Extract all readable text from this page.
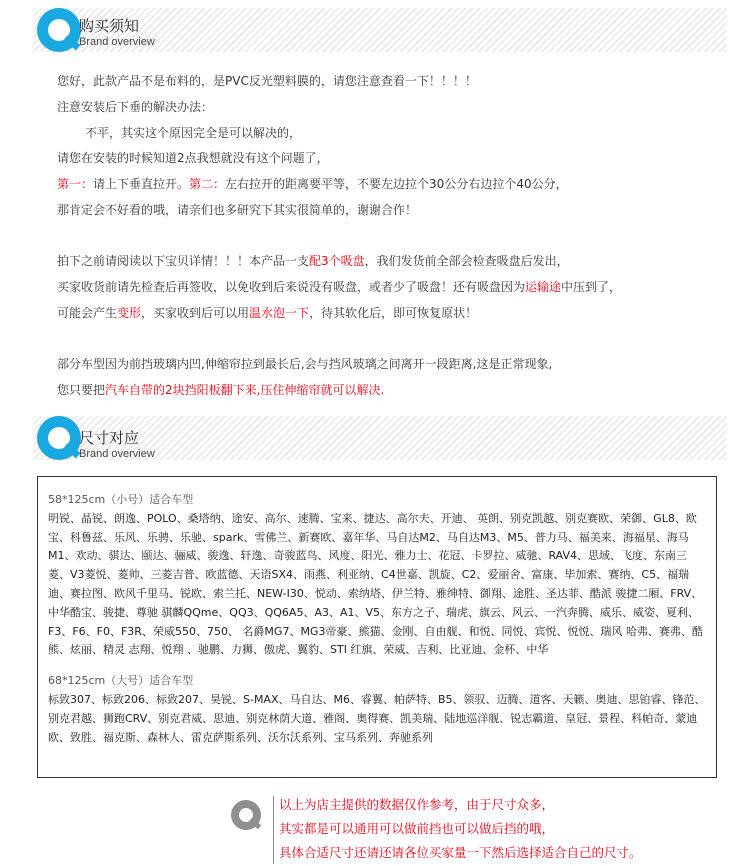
购买须知
Brand overview

您好，此款产品不是布料的，是PVC反光塑料膜的，请您注意查看一下！！！！

注意安装后下垂的解决办法：

不平，其实这个原因完全是可以解决的，

请您在安装的时候知道2点我想就没有这个问题了，

第一：请上下垂直拉开。第二：左右拉开的距离要平等，不要左边拉个30公分右边拉个40公分，

那肯定会不好看的哦，请亲们也多研究下其实很简单的，谢谢合作！

拍下之前请阅读以下宝贝详情！！！本产品一支配3个吸盘，我们发货前全部会检查吸盘后发出，

买家收货前请先检查后再签收，以免收到后来说没有吸盘，或者少了吸盘！还有吸盘因为运输途中压到了，

可能会产生变形，买家收到后可以用温水泡一下，待其软化后，即可恢复原状！

部分车型因为前挡玻璃内凹,伸缩帘拉到最长后,会与挡风玻璃之间离开一段距离,这是正常现象,

您只要把汽车自带的2块挡阳板翻下来,压住伸缩帘就可以解决.

尺寸对应
Brand overview
58*125cm（小号）适合车型
明锐、晶锐、朗逸、POLO、桑塔纳、途安、高尔、速腾、宝来、捷达、高尔夫、开迪、 英朗、别克凯越、别克赛欧、荣御、GL8、欧宝、科鲁兹、乐风、乐骋、乐驰、spark、雪佛兰、新赛欧、嘉年华、马自达M2、马自达M3、M5、普力马、福美来、海福星、海马M1、欢动、骐达、颐达、骊威、骏逸、轩逸、奇骏蓝鸟、风度、阳光、雅力士、花冠、卡罗拉、威驰、RAV4、思域、飞度、东南三菱、V3菱悦、菱帅、三菱吉普、欧蓝德、天语SX4、雨燕、利亚纳、C4世嘉、凯旋、C2、爱丽舍、富康、毕加索、赛纳、C5、福瑞迪、赛拉图、欧风千里马、锐欧、索兰托、NEW-I30、悦动、索纳塔、伊兰特、雅绅特、御翔、途胜、圣达菲、酷派 骏捷二厢、FRV、中华酷宝、骏捷、尊驰 骐麟QQme、QQ3、QQ6A5、A3、A1、V5、东方之子、瑞虎、旗云、风云、一汽奔腾、威乐、威姿、夏利、F3、F6、F0、F3R、荣威550、750、 名爵MG7、MG3帝豪、熊猫、金刚、自由舰、和悦、同悦、宾悦、悦悦、瑞风 哈弗、赛弗、酷熊、炫丽、精灵 志翔、悦翔 、驰鹏、力狮、傲虎、翼豹、STI 红旗、荣威、吉利、比亚迪、金杯、中华
68*125cm（大号）适合车型
标致307、标致206、标致207、昊锐、S-MAX、马自达、M6、睿翼、帕萨特、B5、领驭、迈腾、道客、天籁、奥迪、思铂睿、锋范、别克君越、狮跑CRV、别克君威、思迪、别克林荫大道、雅阁、奥得赛、凯美瑞、陆地巡洋舰、锐志霸道、皇冠、景程、科帕奇、蒙迪欧、致胜、福克斯、森林人、雷克萨斯系列、沃尔沃系列、宝马系列、奔驰系列

以上为店主提供的数据仅作参考，由于尺寸众多，

其实都是可以通用可以做前挡也可以做后挡的哦，

具体合适尺寸还请还请各位买家量一下然后选择适合自己的尺寸。
